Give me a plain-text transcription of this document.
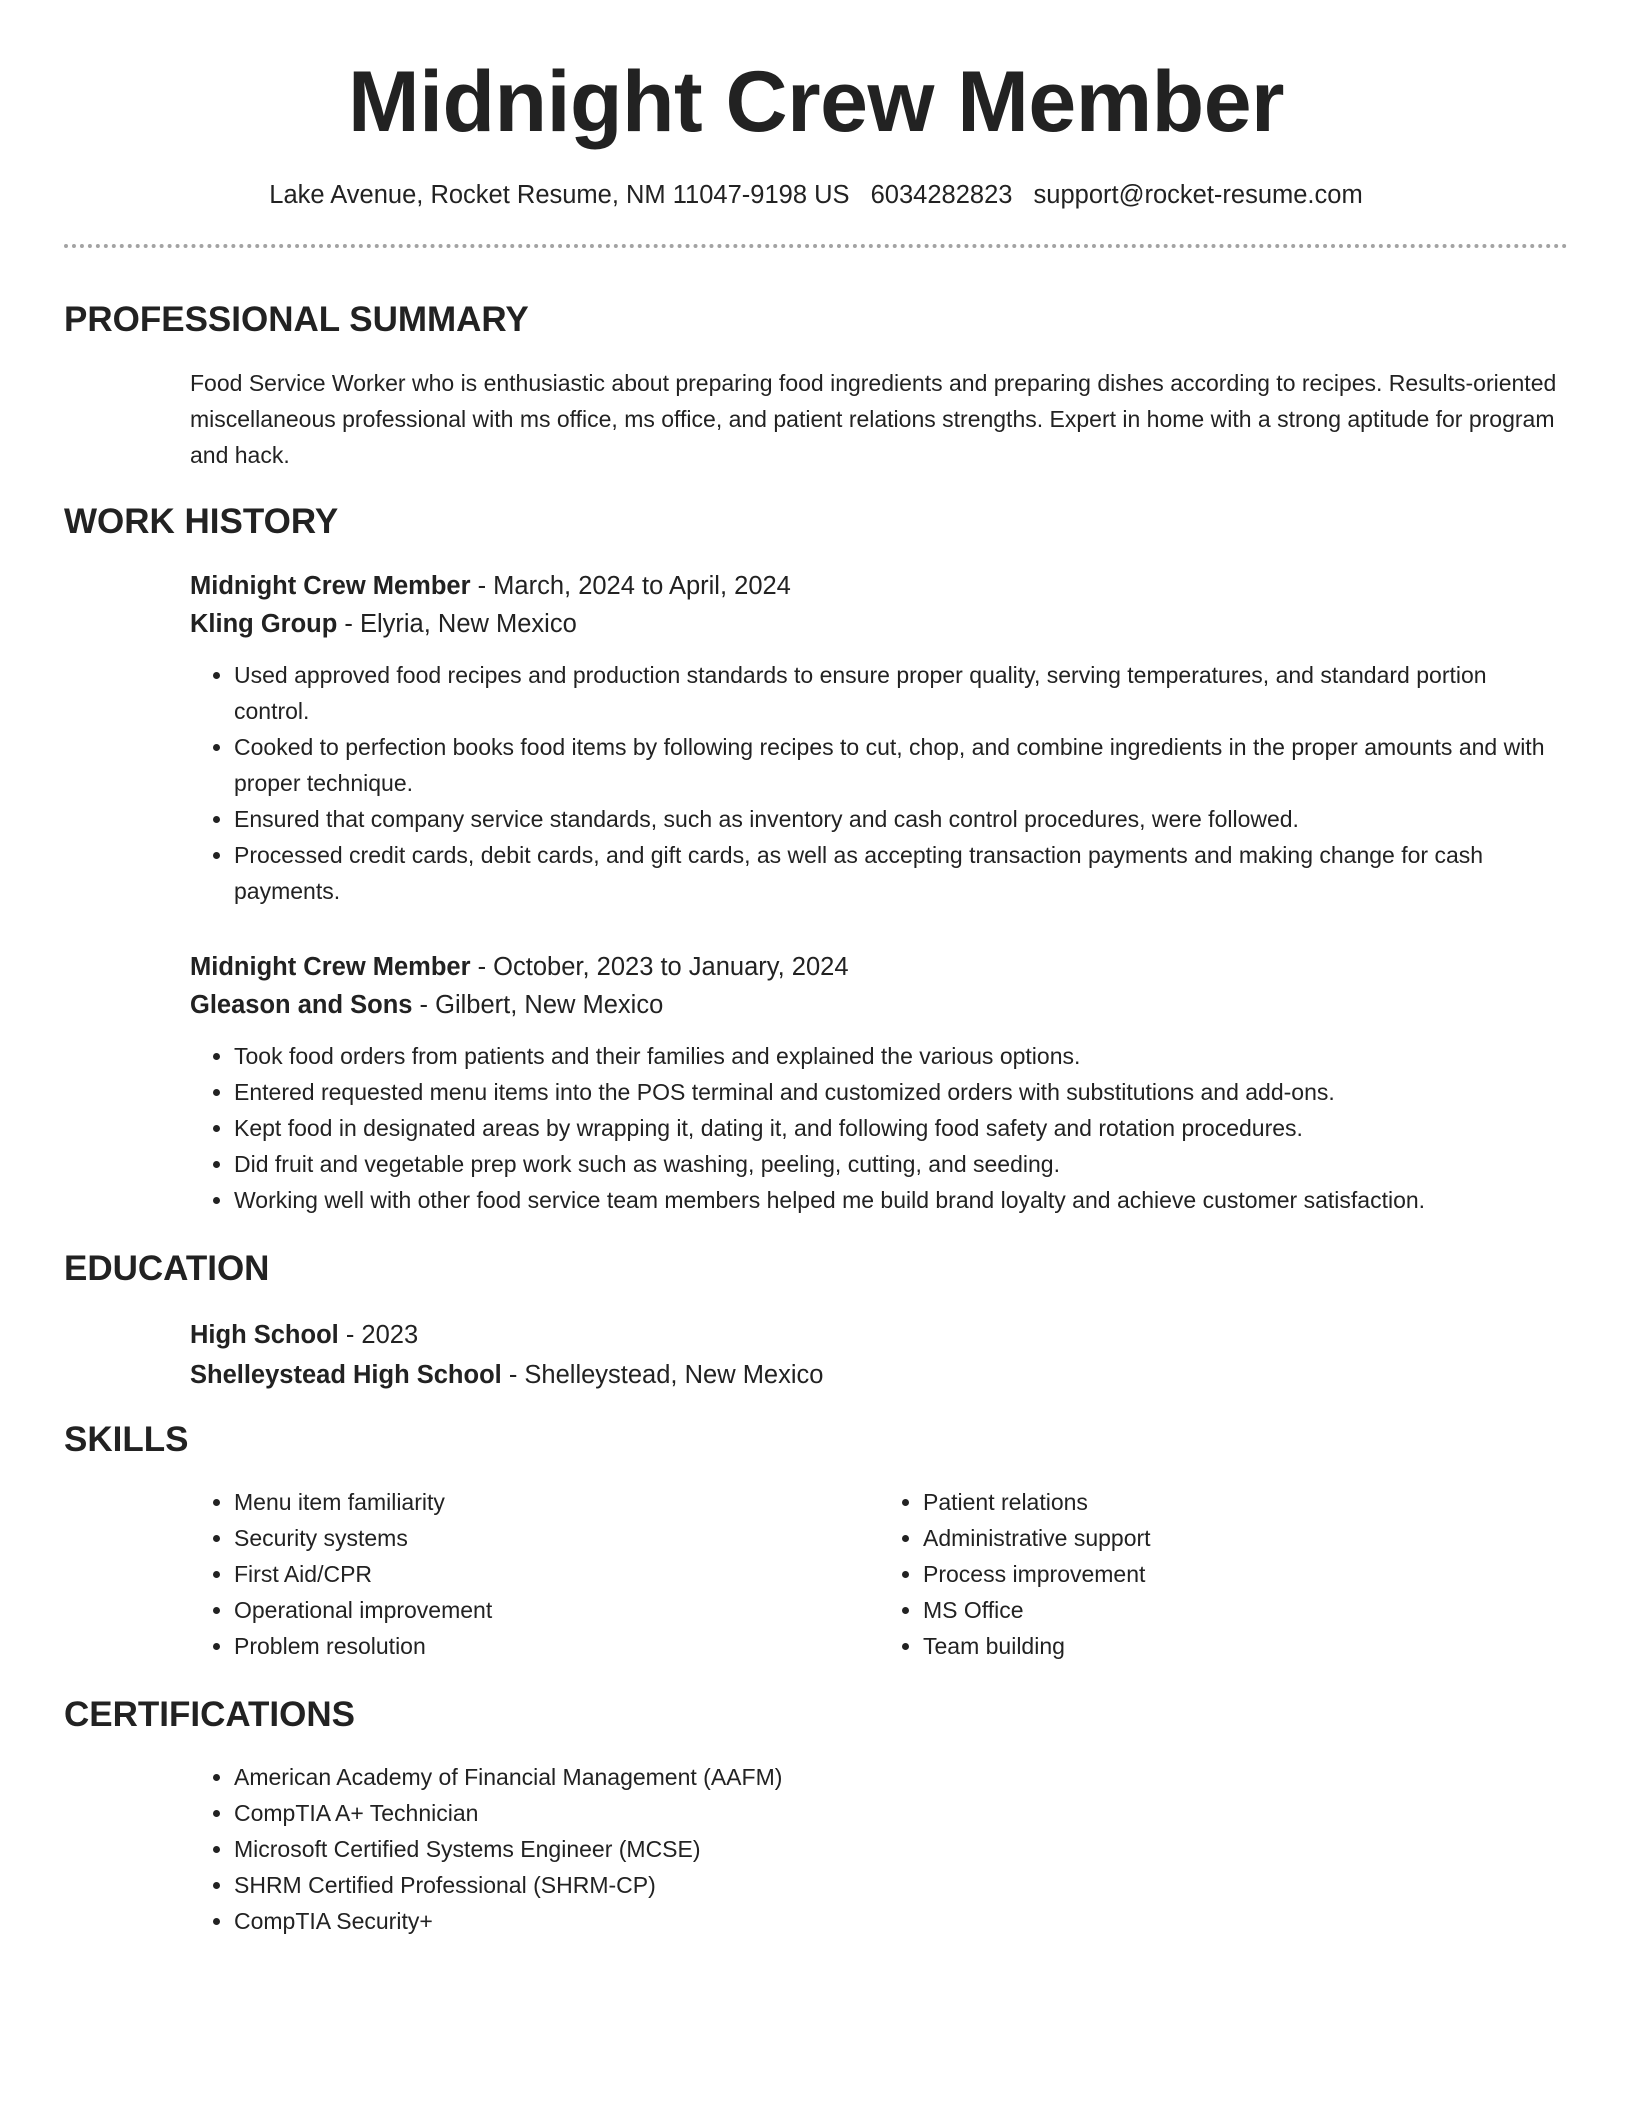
Midnight Crew Member
Lake Avenue, Rocket Resume, NM 11047-9198 US 6034282823 support@rocket-resume.com
PROFESSIONAL SUMMARY

Food Service Worker who is enthusiastic about preparing food ingredients and preparing dishes according to recipes. Results-oriented miscellaneous professional with ms office, ms office, and patient relations strengths. Expert in home with a strong aptitude for program and hack.

WORK HISTORY

Midnight Crew Member - March, 2024 to April, 2024

Kling Group - Elyria, New Mexico

• Used approved food recipes and production standards to ensure proper quality, serving temperatures, and standard portion control.
• Cooked to perfection books food items by following recipes to cut, chop, and combine ingredients in the proper amounts and with proper technique.
• Ensured that company service standards, such as inventory and cash control procedures, were followed.
• Processed credit cards, debit cards, and gift cards, as well as accepting transaction payments and making change for cash payments.

Midnight Crew Member - October, 2023 to January, 2024

Gleason and Sons - Gilbert, New Mexico

• Took food orders from patients and their families and explained the various options.
• Entered requested menu items into the POS terminal and customized orders with substitutions and add-ons.
• Kept food in designated areas by wrapping it, dating it, and following food safety and rotation procedures.
• Did fruit and vegetable prep work such as washing, peeling, cutting, and seeding.
• Working well with other food service team members helped me build brand loyalty and achieve customer satisfaction.
EDUCATION

High School - 2023

Shelleystead High School - Shelleystead, New Mexico

SKILLS
• Menu item familiarity
• Security systems
• First Aid/CPR
• Operational improvement
• Problem resolution
• Patient relations
• Administrative support
• Process improvement
• MS Office
• Team building
CERTIFICATIONS
• American Academy of Financial Management (AAFM)
• CompTIA A+ Technician
• Microsoft Certified Systems Engineer (MCSE)
• SHRM Certified Professional (SHRM-CP)
• CompTIA Security+
